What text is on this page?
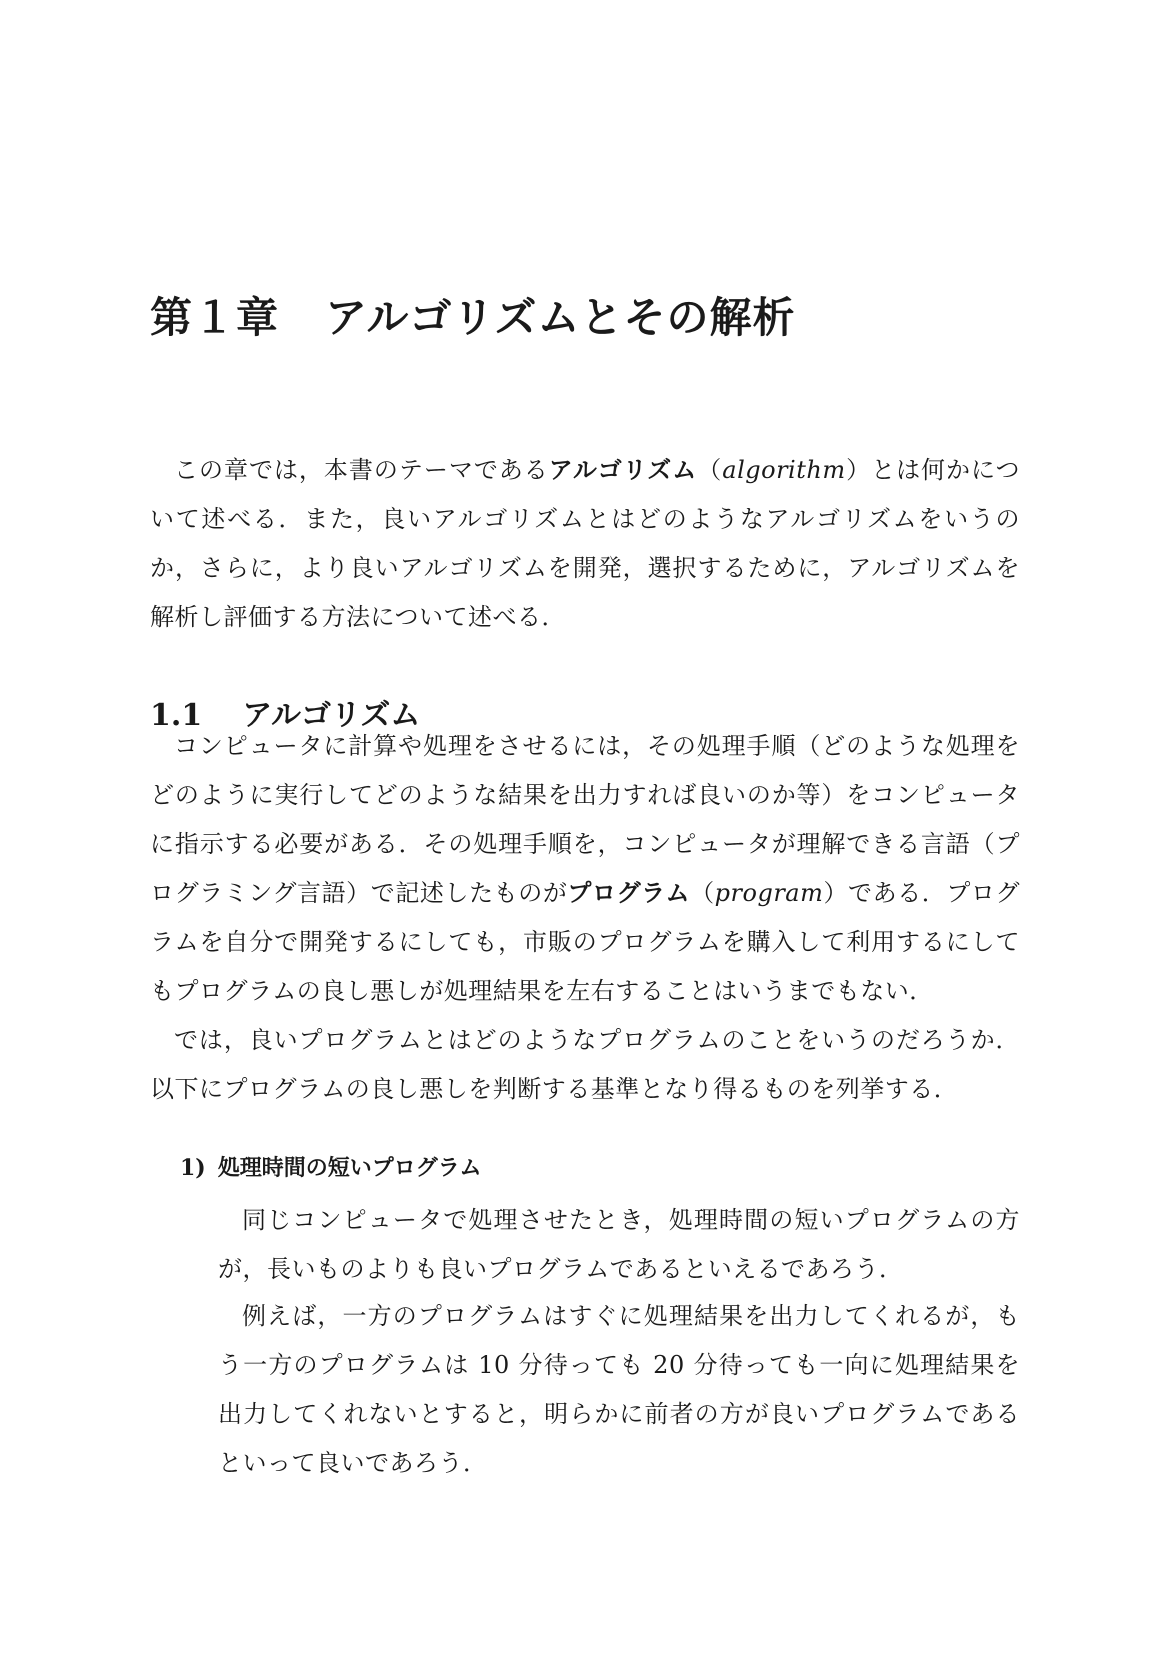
第１章 アルゴリズムとその解析

この章では，本書のテーマであるアルゴリズム（algorithm）とは何かについて述べる．また，良いアルゴリズムとはどのようなアルゴリズムをいうのか，さらに，より良いアルゴリズムを開発，選択するために，アルゴリズムを解析し評価する方法について述べる．

1.1 アルゴリズム

コンピュータに計算や処理をさせるには，その処理手順（どのような処理をどのように実行してどのような結果を出力すれば良いのか等）をコンピュータに指示する必要がある．その処理手順を，コンピュータが理解できる言語（プログラミング言語）で記述したものがプログラム（program）である．プログラムを自分で開発するにしても，市販のプログラムを購入して利用するにしてもプログラムの良し悪しが処理結果を左右することはいうまでもない．

では，良いプログラムとはどのようなプログラムのことをいうのだろうか．以下にプログラムの良し悪しを判断する基準となり得るものを列挙する．

1) 処理時間の短いプログラム

同じコンピュータで処理させたとき，処理時間の短いプログラムの方が，長いものよりも良いプログラムであるといえるであろう．

例えば，一方のプログラムはすぐに処理結果を出力してくれるが，もう一方のプログラムは 10 分待っても 20 分待っても一向に処理結果を出力してくれないとすると，明らかに前者の方が良いプログラムであるといって良いであろう．
